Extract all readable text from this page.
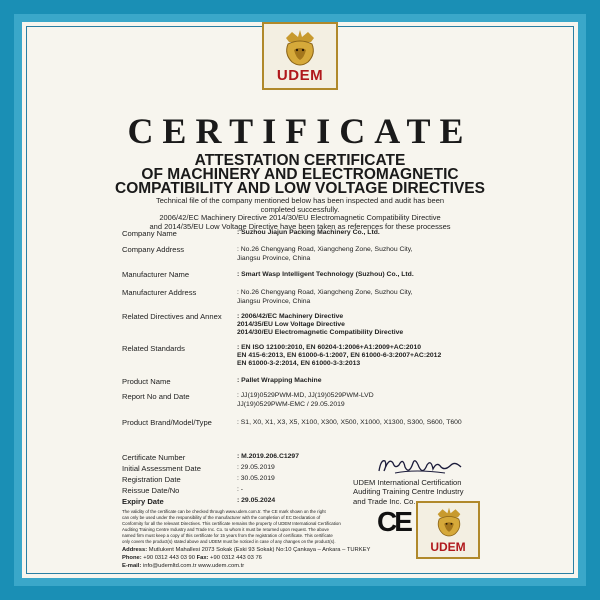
UDEM
CERTIFICATE
ATTESTATION CERTIFICATE
OF MACHINERY AND ELECTROMAGNETIC
COMPATIBILITY AND LOW VOLTAGE DIRECTIVES
Technical file of the company mentioned below has been inspected and audit has been
completed successfully.
2006/42/EC Machinery Directive 2014/30/EU Electromagnetic Compatibility Directive
and 2014/35/EU Low Voltage Directive have been taken as references for these processes
Company Name	: Suzhou Jiajun Packing Machinery Co., Ltd.
Company Address	: No.26 Chengyang Road, Xiangcheng Zone, Suzhou City,
Jiangsu Province, China
Manufacturer Name	: Smart Wasp Intelligent Technology (Suzhou) Co., Ltd.
Manufacturer Address	: No.26 Chengyang Road, Xiangcheng Zone, Suzhou City,
Jiangsu Province, China
Related Directives and Annex : 2006/42/EC Machinery Directive
2014/35/EU Low Voltage Directive
2014/30/EU Electromagnetic Compatibility Directive
Related Standards	: EN ISO 12100:2010, EN 60204-1:2006+A1:2009+AC:2010
EN 415-6:2013, EN 61000-6-1:2007, EN 61000-6-3:2007+AC:2012
EN 61000-3-2:2014, EN 61000-3-3:2013
Product Name	: Pallet Wrapping Machine
Report No and Date	: JJ(19)0529PWM-MD, JJ(19)0529PWM-LVD
JJ(19)0529PWM-EMC / 29.05.2019
Product Brand/Model/Type	: S1, X0, X1, X3, X5, X100, X300, X500, X1000, X1300, S300, S600, T600
Certificate Number	: M.2019.206.C1297
Initial Assessment Date	: 29.05.2019
Registration Date	: 30.05.2019
Reissue Date/No	: -
Expiry Date	: 29.05.2024
UDEM International Certification
Auditing Training Centre Industry
and Trade Inc. Co.
The validity of the certificate can be checked through www.udem.com.tr. The CE mark shown on the right
can only be used under the responsibility of the manufacturer with the completion of EC Declaration of
Conformity for all the relevant Directives. This certificate remains the property of UDEM International Certification
Auditing Training Centre Industry and Trade Inc. Co. to whom it must be returned upon request. The above
named firm must keep a copy of this certificate for 15 years from the registration of certificate. This certificate
only covers the product(s) stated above and UDEM must be noticed in case of any changes on the product(s).
Address: Mutlukent Mahallesi 2073 Sokak (Eski 93 Sokak) No:10 Çankaya – Ankara – TURKEY
Phone: +90 0312 443 03 90 Fax: +90 0312 443 03 76
E-mail: info@udemltd.com.tr www.udem.com.tr
CE
UDEM
